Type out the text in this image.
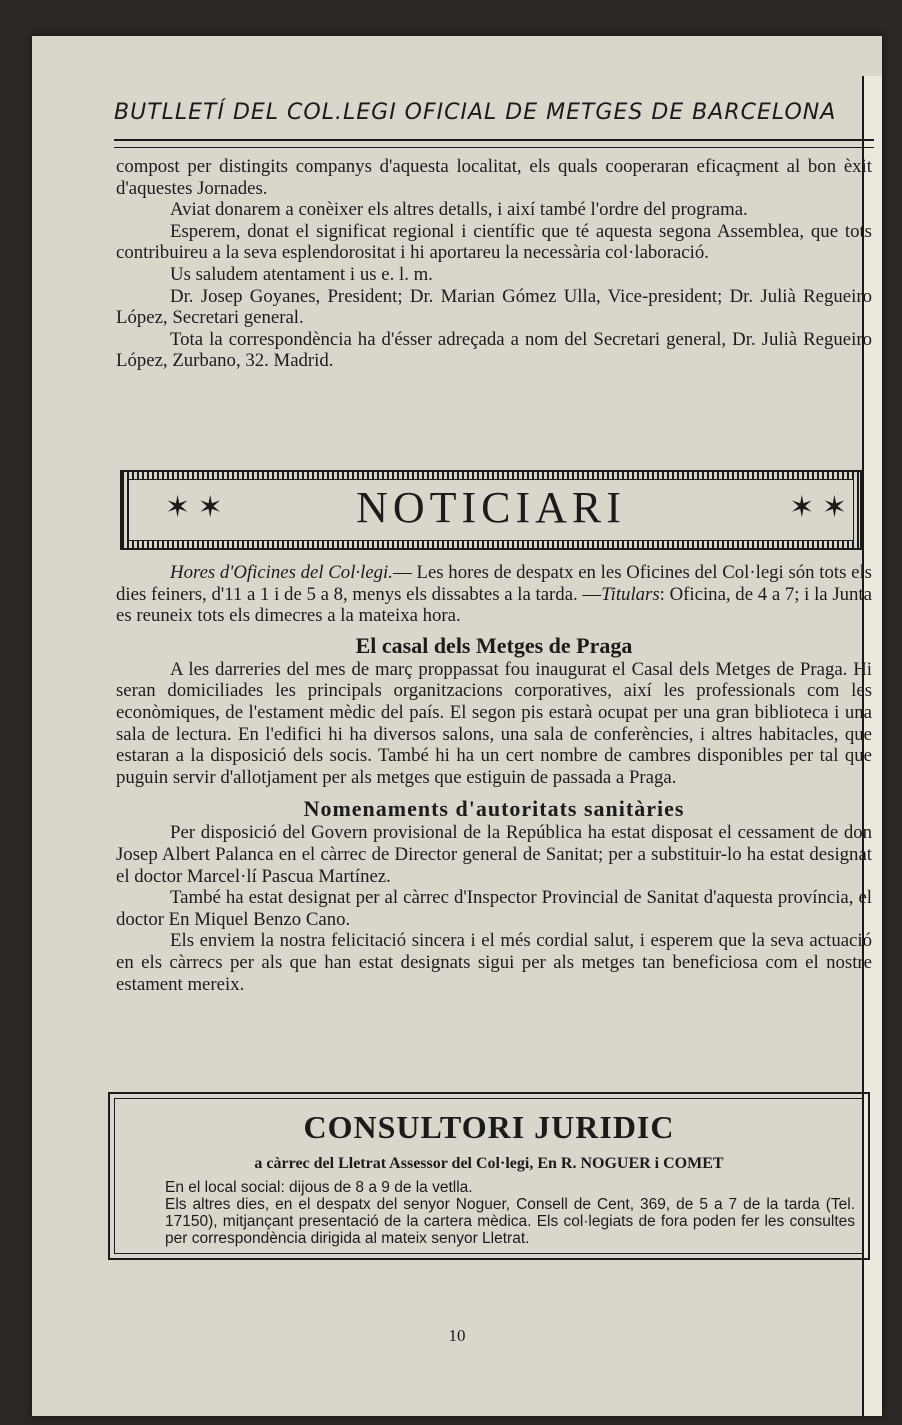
BUTLLETÍ DEL COL.LEGI OFICIAL DE METGES DE BARCELONA

compost per distingits companys d'aquesta localitat, els quals cooperaran eficaçment al bon èxit d'aquestes Jornades.

Aviat donarem a conèixer els altres detalls, i així també l'ordre del programa.

Esperem, donat el significat regional i científic que té aquesta segona Assemblea, que tots contribuireu a la seva esplendorositat i hi aportareu la necessària col·laboració.

Us saludem atentament i us e. l. m.

Dr. Josep Goyanes, President; Dr. Marian Gómez Ulla, Vice-president; Dr. Julià Regueiro López, Secretari general.

Tota la correspondència ha d'ésser adreçada a nom del Secretari general, Dr. Julià Regueiro López, Zurbano, 32. Madrid.

✶ ✶	NOTICIARI	✶ ✶

Hores d'Oficines del Col·legi.— Les hores de despatx en les Oficines del Col·legi són tots els dies feiners, d'11 a 1 i de 5 a 8, menys els dissabtes a la tarda. —Titulars: Oficina, de 4 a 7; i la Junta es reuneix tots els dimecres a la mateixa hora.

El casal dels Metges de Praga

A les darreries del mes de març proppassat fou inaugurat el Casal dels Metges de Praga. Hi seran domiciliades les principals organitzacions corporatives, així les professionals com les econòmiques, de l'estament mèdic del país. El segon pis estarà ocupat per una gran biblioteca i una sala de lectura. En l'edifici hi ha diversos salons, una sala de conferències, i altres habitacles, que estaran a la disposició dels socis. També hi ha un cert nombre de cambres disponibles per tal que puguin servir d'allotjament per als metges que estiguin de passada a Praga.

Nomenaments d'autoritats sanitàries

Per disposició del Govern provisional de la República ha estat disposat el cessament de don Josep Albert Palanca en el càrrec de Director general de Sanitat; per a substituir-lo ha estat designat el doctor Marcel·lí Pascua Martínez.

També ha estat designat per al càrrec d'Inspector Provincial de Sanitat d'aquesta província, el doctor En Miquel Benzo Cano.

Els enviem la nostra felicitació sincera i el més cordial salut, i esperem que la seva actuació en els càrrecs per als que han estat designats sigui per als metges tan beneficiosa com el nostre estament mereix.

CONSULTORI JURIDIC
a càrrec del Lletrat Assessor del Col·legi, En R. NOGUER i COMET

En el local social: dijous de 8 a 9 de la vetlla.

Els altres dies, en el despatx del senyor Noguer, Consell de Cent, 369, de 5 a 7 de la tarda (Tel. 17150), mitjançant presentació de la cartera mèdica. Els col·legiats de fora poden fer les consultes per correspondència dirigida al mateix senyor Lletrat.

10
